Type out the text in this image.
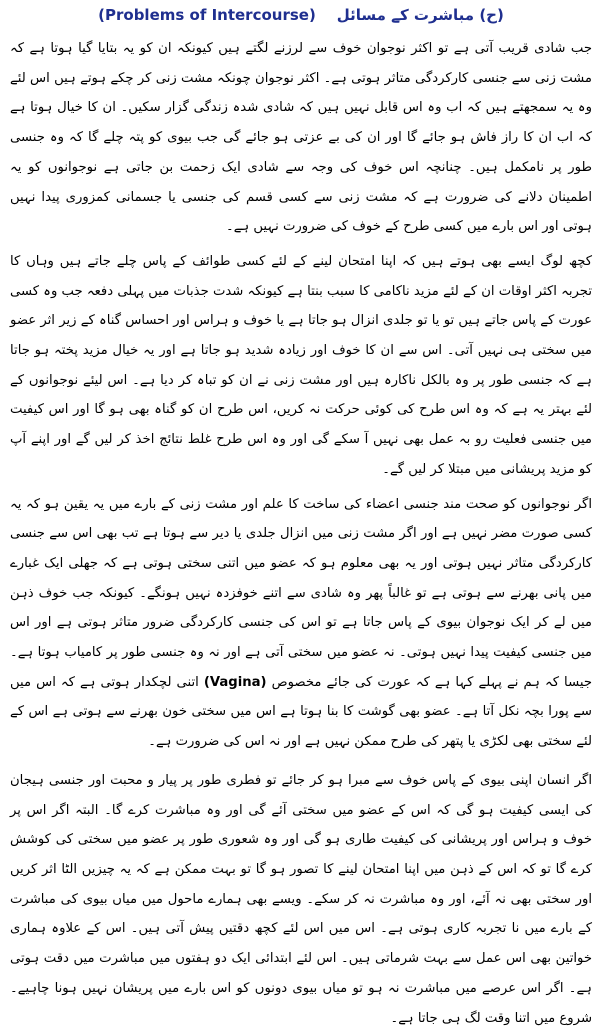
(ح) مباشرت کے مسائل    (Problems of Intercourse)

جب شادی قریب آتی ہے تو اکثر نوجوان خوف سے لرزنے لگتے ہیں کیونکہ ان کو یہ بتایا گیا ہوتا ہے کہ مشت زنی سے جنسی کارکردگی متاثر ہوتی ہے۔ اکثر نوجوان چونکہ مشت زنی کر چکے ہوتے ہیں اس لئے وہ یہ سمجھتے ہیں کہ اب وہ اس قابل نہیں ہیں کہ شادی شدہ زندگی گزار سکیں۔ ان کا خیال ہوتا ہے کہ اب ان کا راز فاش ہو جائے گا اور ان کی بے عزتی ہو جائے گی جب بیوی کو پتہ چلے گا کہ وہ جنسی طور پر نامکمل ہیں۔ چنانچہ اس خوف کی وجہ سے شادی ایک زحمت بن جاتی ہے نوجوانوں کو یہ اطمینان دلانے کی ضرورت ہے کہ مشت زنی سے کسی قسم کی جنسی یا جسمانی کمزوری پیدا نہیں ہوتی اور اس بارے میں کسی طرح کے خوف کی ضرورت نہیں ہے۔

کچھ لوگ ایسے بھی ہوتے ہیں کہ اپنا امتحان لینے کے لئے کسی طوائف کے پاس چلے جاتے ہیں وہاں کا تجربہ اکثر اوقات ان کے لئے مزید ناکامی کا سبب بنتا ہے کیونکہ شدت جذبات میں پہلی دفعہ جب وہ کسی عورت کے پاس جاتے ہیں تو یا تو جلدی انزال ہو جاتا ہے یا خوف و ہراس اور احساس گناہ کے زیر اثر عضو میں سختی ہی نہیں آتی۔ اس سے ان کا خوف اور زیادہ شدید ہو جاتا ہے اور یہ خیال مزید پختہ ہو جاتا ہے کہ جنسی طور پر وہ بالکل ناکارہ ہیں اور مشت زنی نے ان کو تباہ کر دیا ہے۔ اس لیئے نوجوانوں کے لئے بہتر یہ ہے کہ وہ اس طرح کی کوئی حرکت نہ کریں، اس طرح ان کو گناہ بھی ہو گا اور اس کیفیت میں جنسی فعلیت رو بہ عمل بھی نہیں آ سکے گی اور وہ اس طرح غلط نتائج اخذ کر لیں گے اور اپنے آپ کو مزید پریشانی میں مبتلا کر لیں گے۔

اگر نوجوانوں کو صحت مند جنسی اعضاء کی ساخت کا علم اور مشت زنی کے بارے میں یہ یقین ہو کہ یہ کسی صورت مضر نہیں ہے اور اگر مشت زنی میں انزال جلدی یا دیر سے ہوتا ہے تب بھی اس سے جنسی کارکردگی متاثر نہیں ہوتی اور یہ بھی معلوم ہو کہ عضو میں اتنی سختی ہوتی ہے کہ جھلی ایک غبارے میں پانی بھرنے سے ہوتی ہے تو غالباً پھر وہ شادی سے اتنے خوفزدہ نہیں ہونگے۔ کیونکہ جب خوف ذہن میں لے کر ایک نوجوان بیوی کے پاس جاتا ہے تو اس کی جنسی کارکردگی ضرور متاثر ہوتی ہے اور اس میں جنسی کیفیت پیدا نہیں ہوتی۔ نہ عضو میں سختی آتی ہے اور نہ وہ جنسی طور پر کامیاب ہوتا ہے۔ جیسا کہ ہم نے پہلے کہا ہے کہ عورت کی جائے مخصوص (Vagina) اتنی لچکدار ہوتی ہے کہ اس میں سے پورا بچہ نکل آتا ہے۔ عضو بھی گوشت کا بنا ہوتا ہے اس میں سختی خون بھرنے سے ہوتی ہے اس کے لئے سختی بھی لکڑی یا پتھر کی طرح ممکن نہیں ہے اور نہ اس کی ضرورت ہے۔

اگر انسان اپنی بیوی کے پاس خوف سے مبرا ہو کر جائے تو فطری طور پر پیار و محبت اور جنسی ہیجان کی ایسی کیفیت ہو گی کہ اس کے عضو میں سختی آئے گی اور وہ مباشرت کرے گا۔ البتہ اگر اس پر خوف و ہراس اور پریشانی کی کیفیت طاری ہو گی اور وہ شعوری طور پر عضو میں سختی کی کوشش کرے گا تو کہ اس کے ذہن میں اپنا امتحان لینے کا تصور ہو گا تو بہت ممکن ہے کہ یہ چیزیں الٹا اثر کریں اور سختی بھی نہ آئے، اور وہ مباشرت نہ کر سکے۔ ویسے بھی ہمارے ماحول میں میاں بیوی کی مباشرت کے بارے میں نا تجربہ کاری ہوتی ہے۔ اس میں اس لئے کچھ دقتیں پیش آتی ہیں۔ اس کے علاوہ ہماری خواتین بھی اس عمل سے بہت شرماتی ہیں۔ اس لئے ابتدائی ایک دو ہفتوں میں مباشرت میں دقت ہوتی ہے۔ اگر اس عرصے میں مباشرت نہ ہو تو میاں بیوی دونوں کو اس بارے میں پریشان نہیں ہونا چاہیے۔ شروع میں اتنا وقت لگ ہی جاتا ہے۔
